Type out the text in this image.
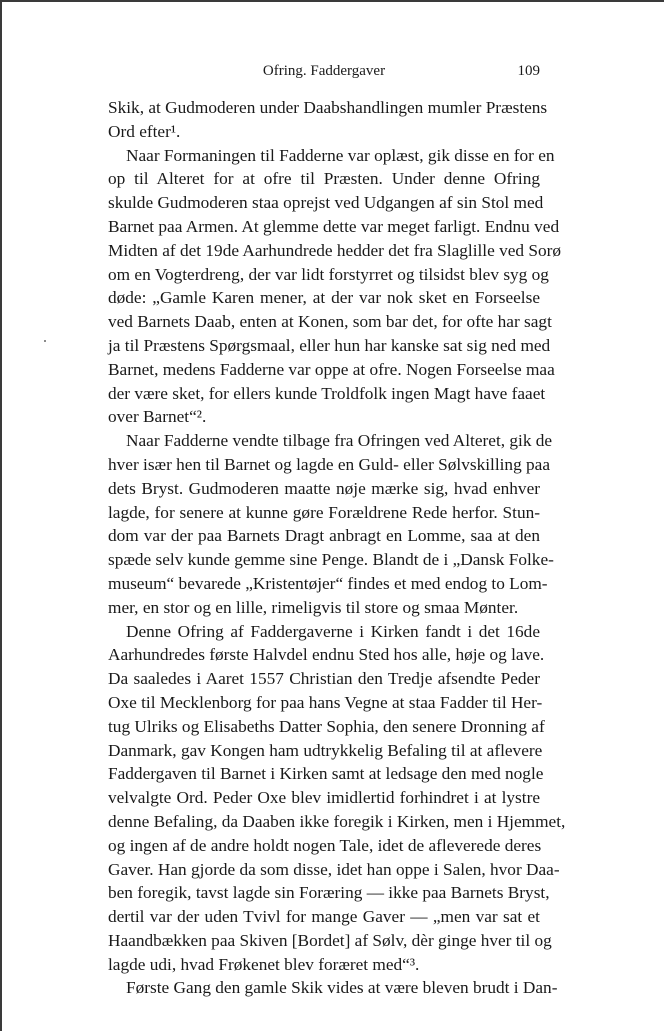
Ofring. Faddergaver	109

Skik, at Gudmoderen under Daabshandlingen mumler Præstens
Ord efter¹.

Naar Formaningen til Fadderne var oplæst, gik disse en for en
op til Alteret for at ofre til Præsten. Under denne Ofring
skulde Gudmoderen staa oprejst ved Udgangen af sin Stol med
Barnet paa Armen. At glemme dette var meget farligt. Endnu ved
Midten af det 19de Aarhundrede hedder det fra Slaglille ved Sorø
om en Vogterdreng, der var lidt forstyrret og tilsidst blev syg og
døde: „Gamle Karen mener, at der var nok sket en Forseelse
ved Barnets Daab, enten at Konen, som bar det, for ofte har sagt
ja til Præstens Spørgsmaal, eller hun har kanske sat sig ned med
Barnet, medens Fadderne var oppe at ofre. Nogen Forseelse maa
der være sket, for ellers kunde Troldfolk ingen Magt have faaet
over Barnet“².

Naar Fadderne vendte tilbage fra Ofringen ved Alteret, gik de
hver især hen til Barnet og lagde en Guld- eller Sølvskilling paa
dets Bryst. Gudmoderen maatte nøje mærke sig, hvad enhver
lagde, for senere at kunne gøre Forældrene Rede herfor. Stun-
dom var der paa Barnets Dragt anbragt en Lomme, saa at den
spæde selv kunde gemme sine Penge. Blandt de i „Dansk Folke-
museum“ bevarede „Kristentøjer“ findes et med endog to Lom-
mer, en stor og en lille, rimeligvis til store og smaa Mønter.

Denne Ofring af Faddergaverne i Kirken fandt i det 16de
Aarhundredes første Halvdel endnu Sted hos alle, høje og lave.
Da saaledes i Aaret 1557 Christian den Tredje afsendte Peder
Oxe til Mecklenborg for paa hans Vegne at staa Fadder til Her-
tug Ulriks og Elisabeths Datter Sophia, den senere Dronning af
Danmark, gav Kongen ham udtrykkelig Befaling til at aflevere
Faddergaven til Barnet i Kirken samt at ledsage den med nogle
velvalgte Ord. Peder Oxe blev imidlertid forhindret i at lystre
denne Befaling, da Daaben ikke foregik i Kirken, men i Hjemmet,
og ingen af de andre holdt nogen Tale, idet de afleverede deres
Gaver. Han gjorde da som disse, idet han oppe i Salen, hvor Daa-
ben foregik, tavst lagde sin Foræring — ikke paa Barnets Bryst,
dertil var der uden Tvivl for mange Gaver — „men var sat et
Haandbækken paa Skiven [Bordet] af Sølv, dèr ginge hver til og
lagde udi, hvad Frøkenet blev foræret med“³.

Første Gang den gamle Skik vides at være bleven brudt i Dan-
